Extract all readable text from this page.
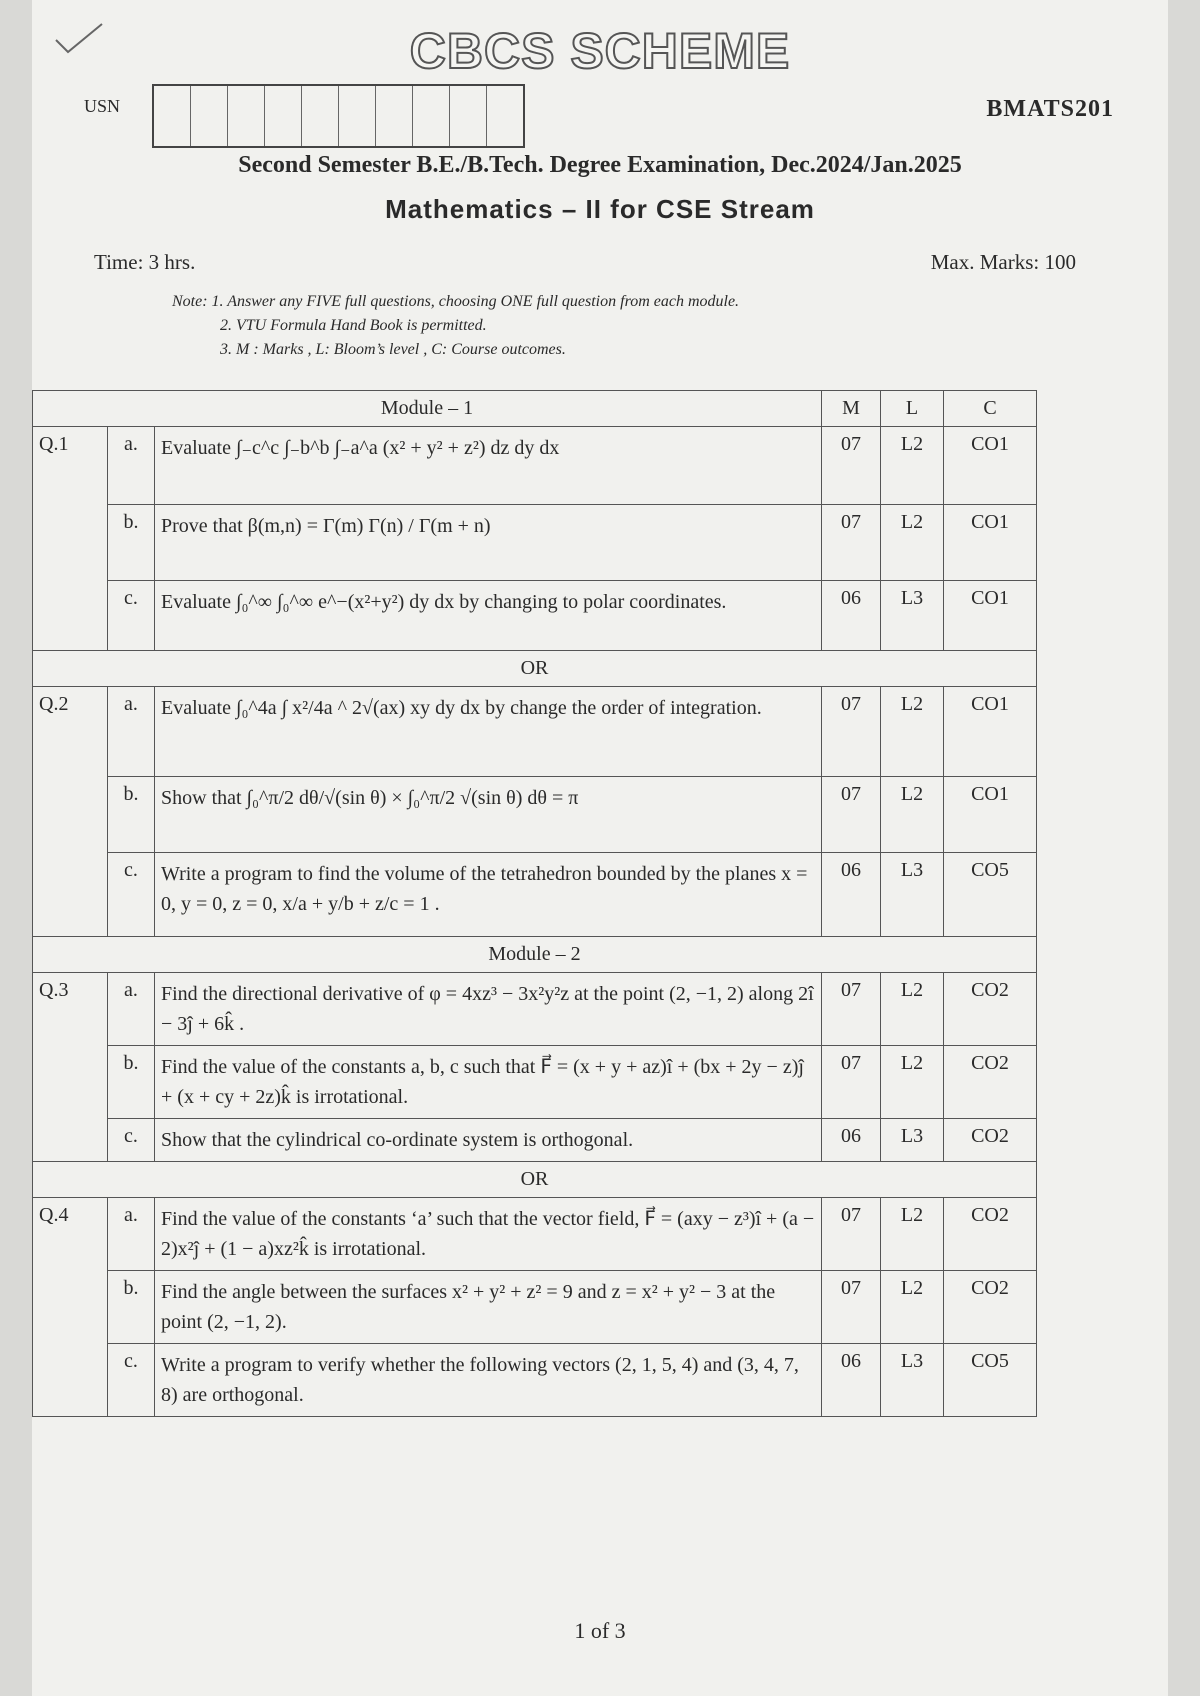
CBCS SCHEME
USN	BMATS201
Second Semester B.E./B.Tech. Degree Examination, Dec.2024/Jan.2025
Mathematics – II for CSE Stream
Time: 3 hrs.	Max. Marks: 100
Note: 1. Answer any FIVE full questions, choosing ONE full question from each module.
2. VTU Formula Hand Book is permitted.
3. M : Marks , L: Bloom’s level , C: Course outcomes.
Module – 1			M	L	C
Q.1	a.	Evaluate ∫₋c^c ∫₋b^b ∫₋a^a (x² + y² + z²) dz dy dx	07	L2	CO1
	b.	Prove that β(m,n) = Γ(m) Γ(n) / Γ(m + n)	07	L2	CO1
	c.	Evaluate ∫₀^∞ ∫₀^∞ e^−(x²+y²) dy dx by changing to polar coordinates.	06	L3	CO1
OR					
Q.2	a.	Evaluate ∫₀^4a ∫ x²/4a ^ 2√(ax) xy dy dx by change the order of integration.	07	L2	CO1
	b.	Show that ∫₀^π/2 dθ/√(sin θ) × ∫₀^π/2 √(sin θ) dθ = π	07	L2	CO1
	c.	Write a program to find the volume of the tetrahedron bounded by the planes x = 0, y = 0, z = 0, x/a + y/b + z/c = 1 .	06	L3	CO5
Module – 2					
Q.3	a.	Find the directional derivative of φ = 4xz³ − 3x²y²z at the point (2, −1, 2) along 2î − 3ĵ + 6k̂ .	07	L2	CO2
	b.	Find the value of the constants a, b, c such that F⃗ = (x + y + az)î + (bx + 2y − z)ĵ + (x + cy + 2z)k̂ is irrotational.	07	L2	CO2
	c.	Show that the cylindrical co-ordinate system is orthogonal.	06	L3	CO2
OR					
Q.4	a.	Find the value of the constants ‘a’ such that the vector field, F⃗ = (axy − z³)î + (a − 2)x²ĵ + (1 − a)xz²k̂ is irrotational.	07	L2	CO2
	b.	Find the angle between the surfaces x² + y² + z² = 9 and z = x² + y² − 3 at the point (2, −1, 2).	07	L2	CO2
	c.	Write a program to verify whether the following vectors (2, 1, 5, 4) and (3, 4, 7, 8) are orthogonal.	06	L3	CO5
1 of 3
